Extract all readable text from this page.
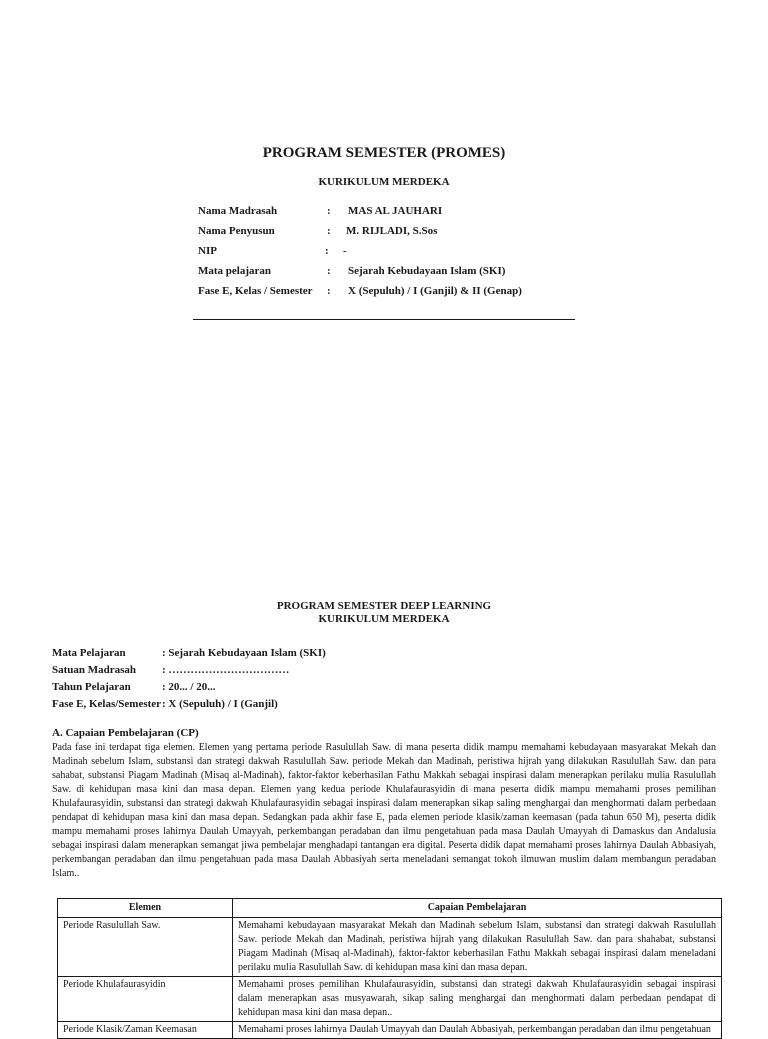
PROGRAM SEMESTER (PROMES)
KURIKULUM MERDEKA
Nama Madrasah	: MAS AL JAUHARI
Nama Penyusun	: M. RIJLADI, S.Sos
NIP	: -
Mata pelajaran	: Sejarah Kebudayaan Islam (SKI)
Fase E, Kelas / Semester : X (Sepuluh) / I (Ganjil) & II (Genap)
PROGRAM SEMESTER DEEP LEARNING
KURIKULUM MERDEKA
Mata Pelajaran	: Sejarah Kebudayaan Islam (SKI)
Satuan Madrasah : ……………………………
Tahun Pelajaran	: 20... / 20...
Fase E, Kelas/Semester : X (Sepuluh) / I (Ganjil)
A. Capaian Pembelajaran (CP)

Pada fase ini terdapat tiga elemen. Elemen yang pertama periode Rasulullah Saw. di mana peserta didik mampu memahami kebudayaan masyarakat Mekah dan Madinah sebelum Islam, substansi dan strategi dakwah Rasulullah Saw. periode Mekah dan Madinah, peristiwa hijrah yang dilakukan Rasulullah Saw. dan para sahabat, substansi Piagam Madinah (Misaq al-Madinah), faktor-faktor keberhasilan Fathu Makkah sebagai inspirasi dalam menerapkan perilaku mulia Rasulullah Saw. di kehidupan masa kini dan masa depan. Elemen yang kedua periode Khulafaurasyidin di mana peserta didik mampu memahami proses pemilihan Khulafaurasyidin, substansi dan strategi dakwah Khulafaurasyidin sebagai inspirasi dalam menerapkan sikap saling menghargai dan menghormati dalam perbedaan pendapat di kehidupan masa kini dan masa depan. Sedangkan pada akhir fase E, pada elemen periode klasik/zaman keemasan (pada tahun 650 M), peserta didik mampu memahami proses lahirnya Daulah Umayyah, perkembangan peradaban dan ilmu pengetahuan pada masa Daulah Umayyah di Damaskus dan Andalusia sebagai inspirasi dalam menerapkan semangat jiwa pembelajar menghadapi tantangan era digital. Peserta didik dapat memahami proses lahirnya Daulah Abbasiyah, perkembangan peradaban dan ilmu pengetahuan pada masa Daulah Abbasiyah serta meneladani semangat tokoh ilmuwan muslim dalam membangun peradaban Islam..

Elemen	Capaian Pembelajaran
Periode Rasulullah Saw.	Memahami kebudayaan masyarakat Mekah dan Madinah sebelum Islam, substansi dan strategi dakwah Rasulullah Saw. periode Mekah dan Madinah, peristiwa hijrah yang dilakukan Rasulullah Saw. dan para shahabat, substansi Piagam Madinah (Misaq al-Madinah), faktor-faktor keberhasilan Fathu Makkah sebagai inspirasi dalam meneladani perilaku mulia Rasulullah Saw. di kehidupan masa kini dan masa depan.
Periode Khulafaurasyidin	Memahami proses pemilihan Khulafaurasyidin, substansi dan strategi dakwah Khulafaurasyidin sebagai inspirasi dalam menerapkan asas musyawarah, sikap saling menghargai dan menghormati dalam perbedaan pendapat di kehidupan masa kini dan masa depan..
Periode Klasik/Zaman Keemasan	Memahami proses lahirnya Daulah Umayyah dan Daulah Abbasiyah, perkembangan peradaban dan ilmu pengetahuan
